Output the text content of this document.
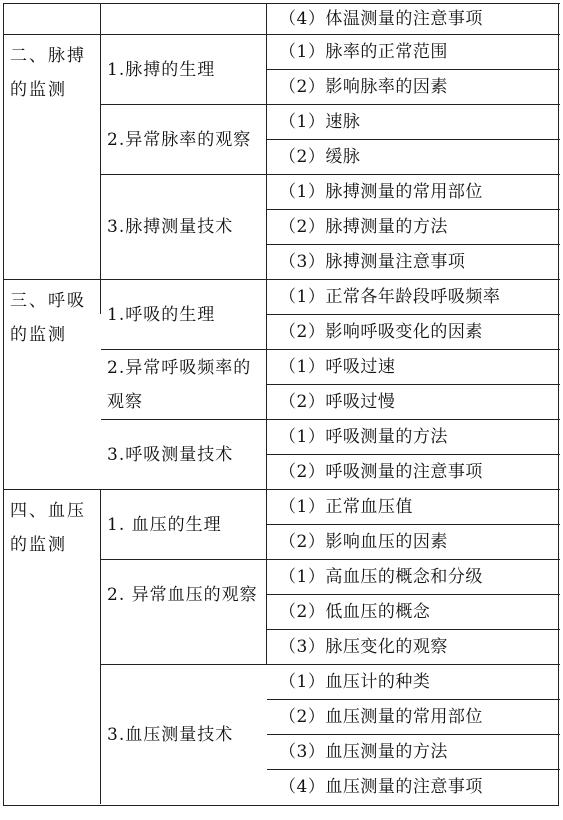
（4）体温测量的注意事项
二、脉搏的监测
1.脉搏的生理
（1）脉率的正常范围
（2）影响脉率的因素
2.异常脉率的观察
（1）速脉
（2）缓脉
3.脉搏测量技术
（1）脉搏测量的常用部位
（2）脉搏测量的方法
（3）脉搏测量注意事项
三、呼吸的监测
1.呼吸的生理
（1）正常各年龄段呼吸频率
（2）影响呼吸变化的因素
2.异常呼吸频率的观察
（1）呼吸过速
（2）呼吸过慢
3.呼吸测量技术
（1）呼吸测量的方法
（2）呼吸测量的注意事项
四、血压的监测
1. 血压的生理
（1）正常血压值
（2）影响血压的因素
2. 异常血压的观察
（1）高血压的概念和分级
（2）低血压的概念
（3）脉压变化的观察
3.血压测量技术
（1）血压计的种类
（2）血压测量的常用部位
（3）血压测量的方法
（4）血压测量的注意事项
